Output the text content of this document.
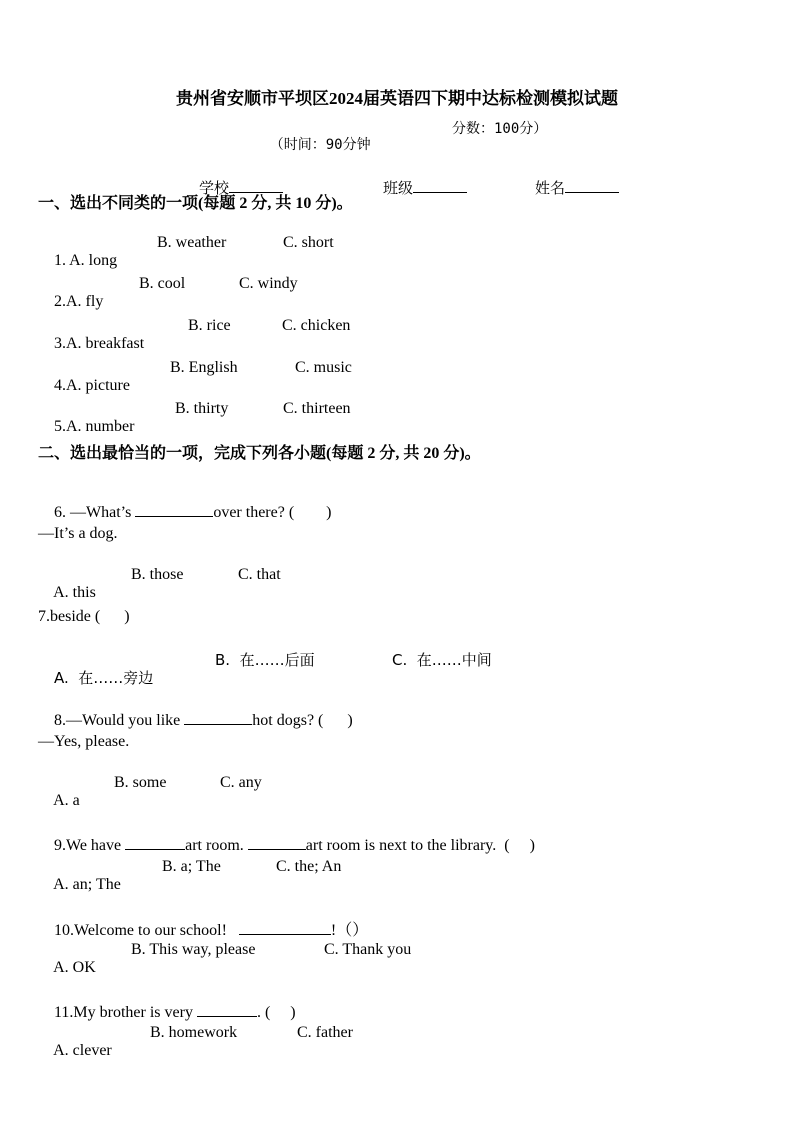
贵州省安顺市平坝区2024届英语四下期中达标检测模拟试题

（时间：90分钟

分数：100分）

学校
	班级
	姓名

一、选出不同类的一项(每题 2 分, 共 10 分)。

1. A. long

B. weather

	C. short

2.A. fly

B. cool

	C. windy

3.A. breakfast

B. rice

	C. chicken

4.A. picture

B. English

	C. music

5.A. number

B. thirty

	C. thirteen

二、选出最恰当的一项，完成下列各小题(每题 2 分, 共 20 分)。

6. —What’s	over there? (        )

—It’s a dog.

A. this

B. those

	C. that

7.beside (      )

A.  在……旁边

B.  在……后面

	C.  在……中间

8.—Would you like	hot dogs? (      )

—Yes, please.

A. a

B. some

	C. any

9.We have	art room.	art room is next to the library.  (     )

A. an; The

B. a; The

	C. the; An

10.Welcome to our school!	!（）

A. OK

B. This way, please

	C. Thank you

11.My brother is very	. (     )

A. clever

B. homework

	C. father
